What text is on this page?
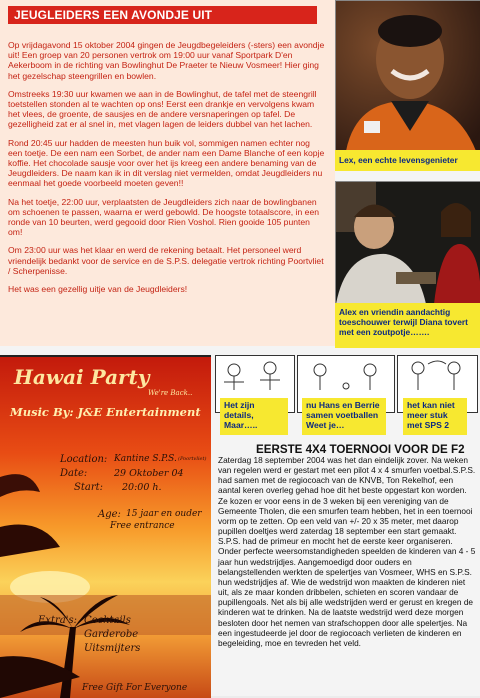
JEUGLEIDERS EEN AVONDJE UIT

Op vrijdagavond 15 oktober 2004 gingen de Jeugdbegeleiders (-sters) een avondje uit! Een groep van 20 personen vertrok om 19:00 uur vanaf Sportpark D'en Aekerboom in de richting van Bowlinghut De Praeter te Nieuw Vosmeer! Hier ging het gezelschap steengrillen en bowlen.

Omstreeks 19:30 uur kwamen we aan in de Bowlinghut, de tafel met de steengrill toetstellen stonden al te wachten op ons! Eerst een drankje en vervolgens kwam het vlees, de groente, de sausjes en de andere versnaperingen op tafel. De gezelligheid zat er al snel in, met vlagen lagen de leiders dubbel van het lachen.

Rond 20:45 uur hadden de meesten hun buik vol, sommigen namen echter nog een toetje. De een nam een Sorbet, de ander nam een Dame Blanche of een kopje koffie. Het chocolade sausje voor over het ijs kreeg een andere benaming van de Jeugdleiders. De naam kan ik in dit verslag niet vermelden, omdat Jeugdleiders nu eenmaal het goede voorbeeld moeten geven!!

Na het toetje, 22:00 uur, verplaatsten de Jeugdleiders zich naar de bowlingbanen om schoenen te passen, waarna er werd gebowld. De hoogste totaalscore, in een ronde van 10 beurten, werd gegooid door Rien Voshol. Rien gooide 105 punten om!

Om 23:00 uur was het klaar en werd de rekening betaalt. Het personeel werd vriendelijk bedankt voor de service en de S.P.S. delegatie vertrok richting Poortvliet / Scherpenisse.

Het was een gezellig uitje van de Jeugdleiders!

Lex, een echte levensgenieter
Alex en vriendin aandachtig toeschouwer terwijl Diana tovert met een zoutpotje…….
Hawai Party
We're Back..
Music By: J&E Entertainment
Location: Kantine S.P.S. (Poortvliet)
Date:	29 Oktober 04
Start: 20:00 h.
Age: 15 jaar en ouder
Free entrance
Extra's: Cocktails
Garderobe
Uitsmijters
Free Gift For Everyone
Het zijn details, Maar…..
nu Hans en Berrie samen voetballen Weet je…
het kan niet meer stuk met SPS 2
EERSTE 4X4 TOERNOOI VOOR DE F2
Zaterdag 18 september 2004 was het dan eindelijk zover. Na weken van regelen werd er gestart met een pilot 4 x 4 smurfen voetbal.S.P.S. had samen met de regiocoach van de KNVB, Ton Rekelhof, een aantal keren overleg gehad hoe dit het beste opgestart kon worden. Ze kozen er voor eens in de 3 weken bij een vereniging van de Gemeente Tholen, die een smurfen team hebben, het in een toernooi vorm op te zetten. Op een veld van +/- 20 x 35 meter, met daarop pupillen doeltjes werd zaterdag 18 september een start gemaakt. S.P.S. had de primeur en mocht het de eerste keer organiseren. Onder perfecte weersomstandigheden speelden de kinderen van 4 - 5 jaar hun wedstrijdjes. Aangemoedigd door ouders en belangstellenden werkten de spelertjes van Vosmeer, WHS en S.P.S. hun wedstrijdjes af. Wie de wedstrijd won maakten de kinderen niet uit, als ze maar konden dribbelen, schieten en scoren vandaar de pupillengoals. Net als bij alle wedstrijden werd er gerust en kregen de kinderen wat te drinken. Na de laatste wedstrijd werd deze morgen besloten door het nemen van strafschoppen door alle spelertjes. Na een ingestudeerde jel door de regiocoach verlieten de kinderen en begeleiding, moe en tevreden het veld.
